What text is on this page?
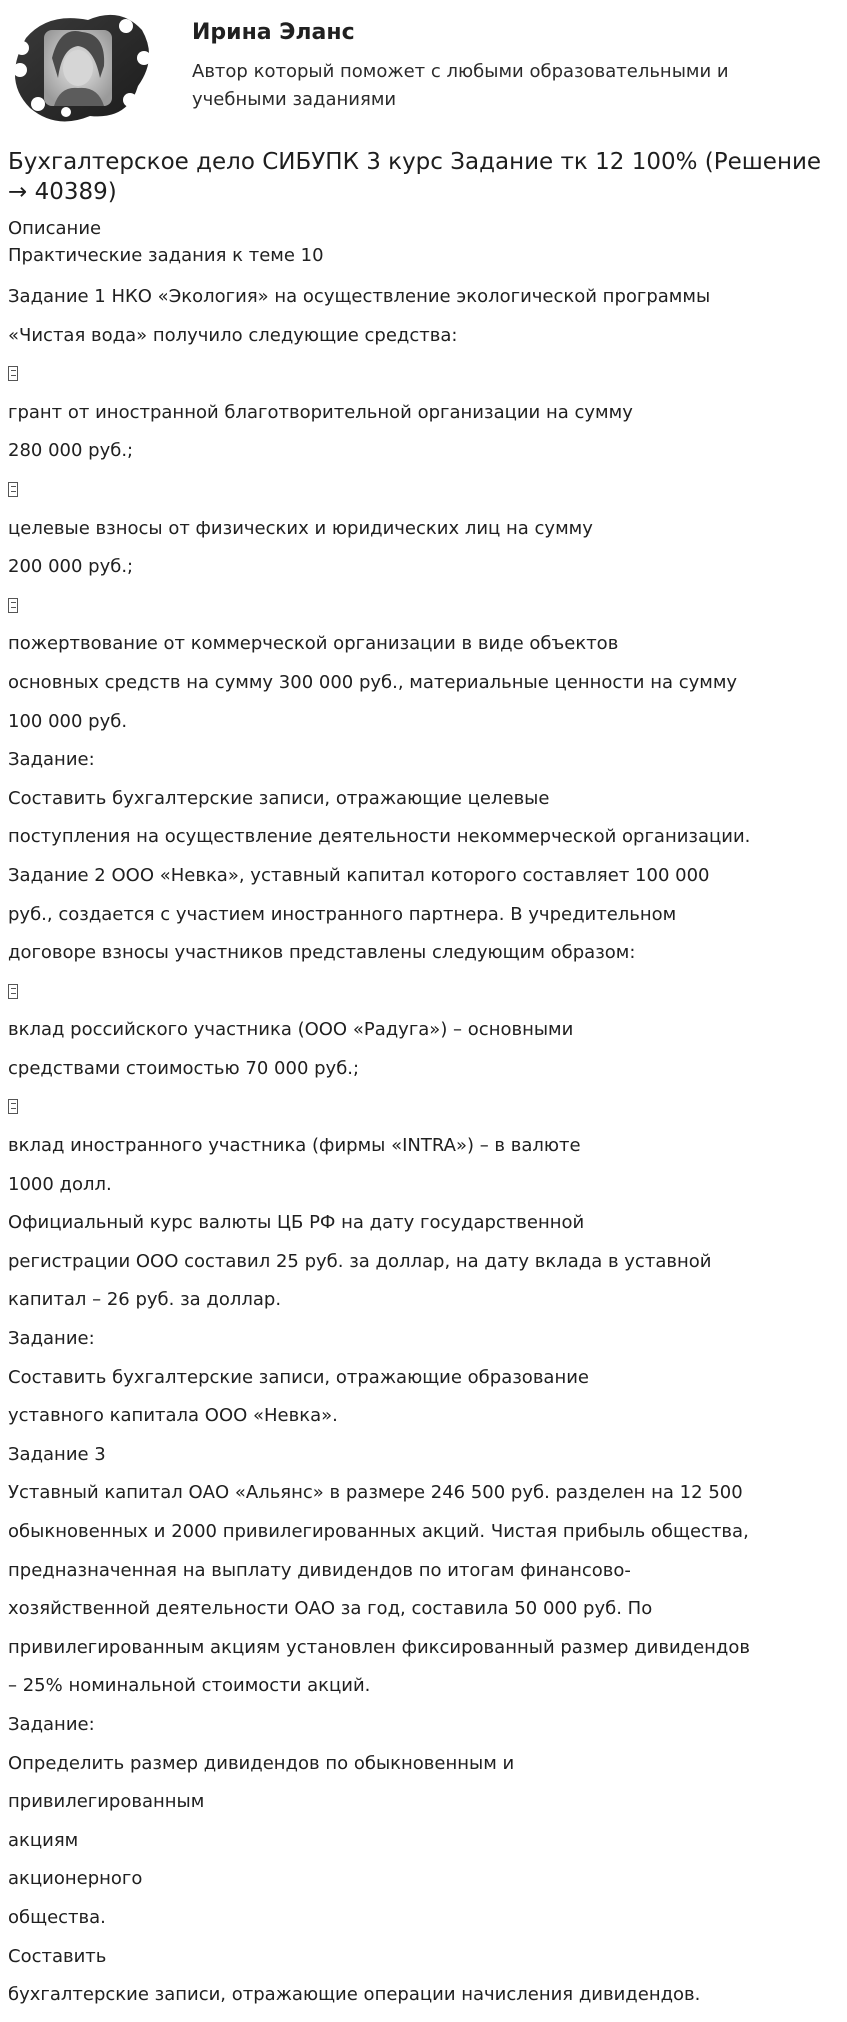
Ирина Эланс

Автор который поможет с любыми образовательными и учебными заданиями

Бухгалтерское дело СИБУПК 3 курс Задание тк 12 100% (Решение → 40389)
Описание
Практические задания к теме 10
Задание 1 НКО «Экология» на осуществление экологической программы
«Чистая вода» получило следующие средства:
грант от иностранной благотворительной организации на сумму
280 000 руб.;
целевые взносы от физических и юридических лиц на сумму
200 000 руб.;
пожертвование от коммерческой организации в виде объектов
основных средств на сумму 300 000 руб., материальные ценности на сумму
100 000 руб.
Задание:
Составить бухгалтерские записи, отражающие целевые
поступления на осуществление деятельности некоммерческой организации.
Задание 2 ООО «Невка», уставный капитал которого составляет 100 000
руб., создается с участием иностранного партнера. В учредительном
договоре взносы участников представлены следующим образом:
вклад российского участника (ООО «Радуга») – основными
средствами стоимостью 70 000 руб.;
вклад иностранного участника (фирмы «INTRA») – в валюте
1000 долл.
Официальный курс валюты ЦБ РФ на дату государственной
регистрации ООО составил 25 руб. за доллар, на дату вклада в уставной
капитал – 26 руб. за доллар.
Задание:
Составить бухгалтерские записи, отражающие образование
уставного капитала ООО «Невка».
Задание 3
Уставный капитал ОАО «Альянс» в размере 246 500 руб. разделен на 12 500
обыкновенных и 2000 привилегированных акций. Чистая прибыль общества,
предназначенная на выплату дивидендов по итогам финансово-
хозяйственной деятельности ОАО за год, составила 50 000 руб. По
привилегированным акциям установлен фиксированный размер дивидендов
– 25% номинальной стоимости акций.
Задание:
Определить размер дивидендов по обыкновенным и
привилегированным
акциям
акционерного
общества.
Составить
бухгалтерские записи, отражающие операции начисления дивидендов.
